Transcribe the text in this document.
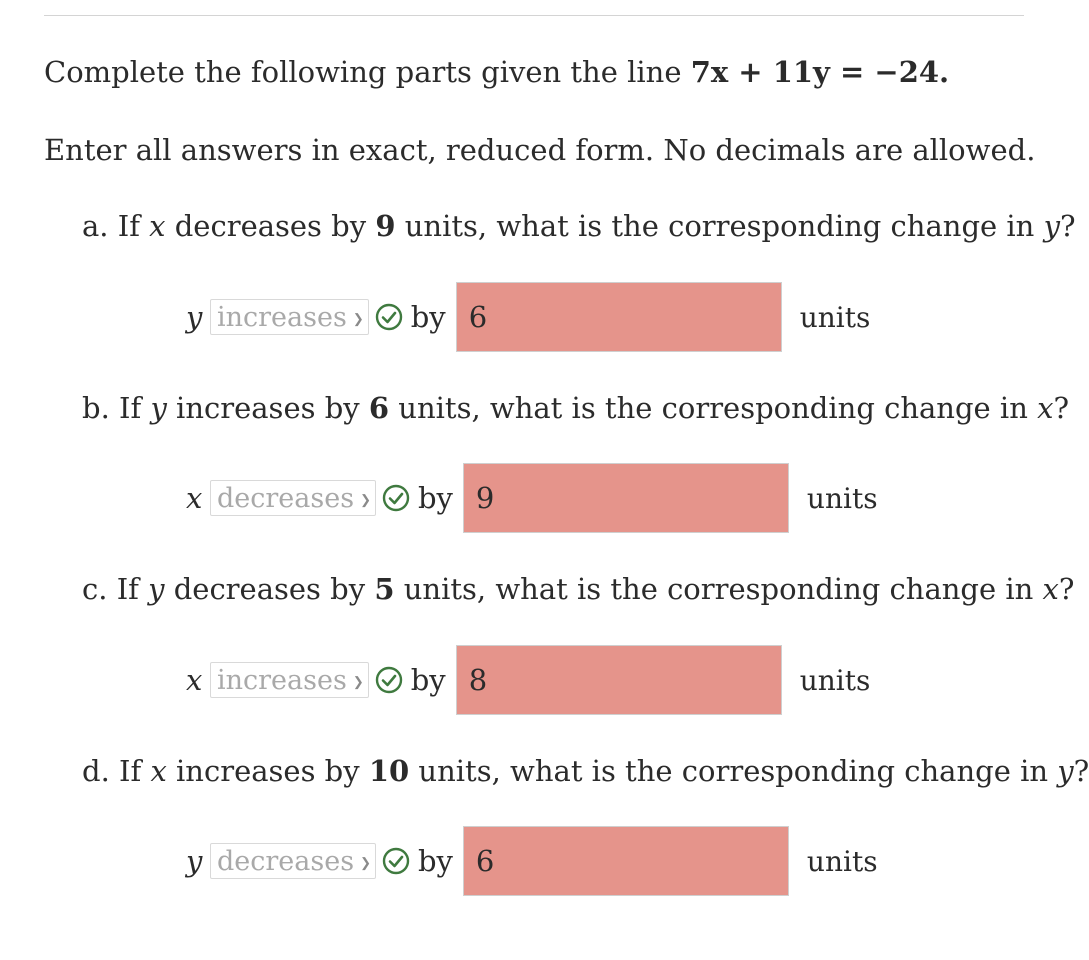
Complete the following parts given the line 7x + 11y = −24.
Enter all answers in exact, reduced form. No decimals are allowed.
a. If x decreases by 9 units, what is the corresponding change in y?
y increases ❯ by
6	units
b. If y increases by 6 units, what is the corresponding change in x?
x decreases ❯ by
9	units
c. If y decreases by 5 units, what is the corresponding change in x?
x increases ❯ by
8	units
d. If x increases by 10 units, what is the corresponding change in y?
y decreases ❯ by
6	units
